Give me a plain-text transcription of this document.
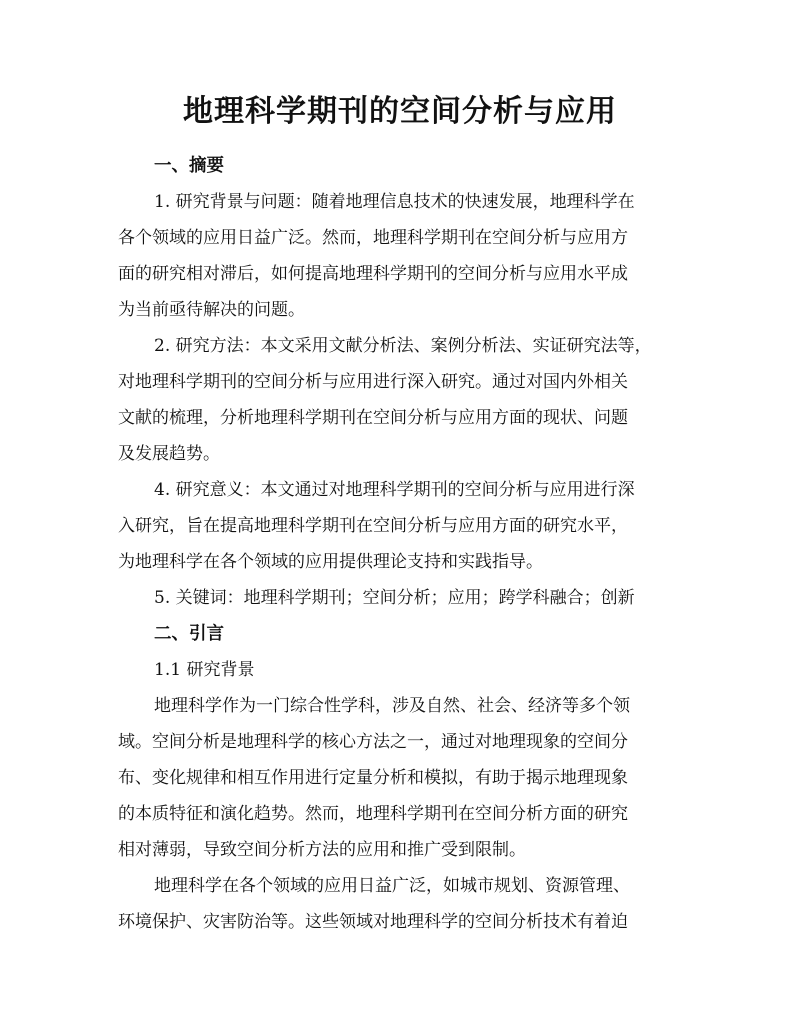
地理科学期刊的空间分析与应用
一、摘要
1. 研究背景与问题：随着地理信息技术的快速发展，地理科学在
各个领域的应用日益广泛。然而，地理科学期刊在空间分析与应用方
面的研究相对滞后，如何提高地理科学期刊的空间分析与应用水平成
为当前亟待解决的问题。
2. 研究方法：本文采用文献分析法、案例分析法、实证研究法等，
对地理科学期刊的空间分析与应用进行深入研究。通过对国内外相关
文献的梳理，分析地理科学期刊在空间分析与应用方面的现状、问题
及发展趋势。
4. 研究意义：本文通过对地理科学期刊的空间分析与应用进行深
入研究，旨在提高地理科学期刊在空间分析与应用方面的研究水平，
为地理科学在各个领域的应用提供理论支持和实践指导。
5. 关键词：地理科学期刊；空间分析；应用；跨学科融合；创新
二、引言
1.1 研究背景
地理科学作为一门综合性学科，涉及自然、社会、经济等多个领
域。空间分析是地理科学的核心方法之一，通过对地理现象的空间分
布、变化规律和相互作用进行定量分析和模拟，有助于揭示地理现象
的本质特征和演化趋势。然而，地理科学期刊在空间分析方面的研究
相对薄弱，导致空间分析方法的应用和推广受到限制。
地理科学在各个领域的应用日益广泛，如城市规划、资源管理、
环境保护、灾害防治等。这些领域对地理科学的空间分析技术有着迫
